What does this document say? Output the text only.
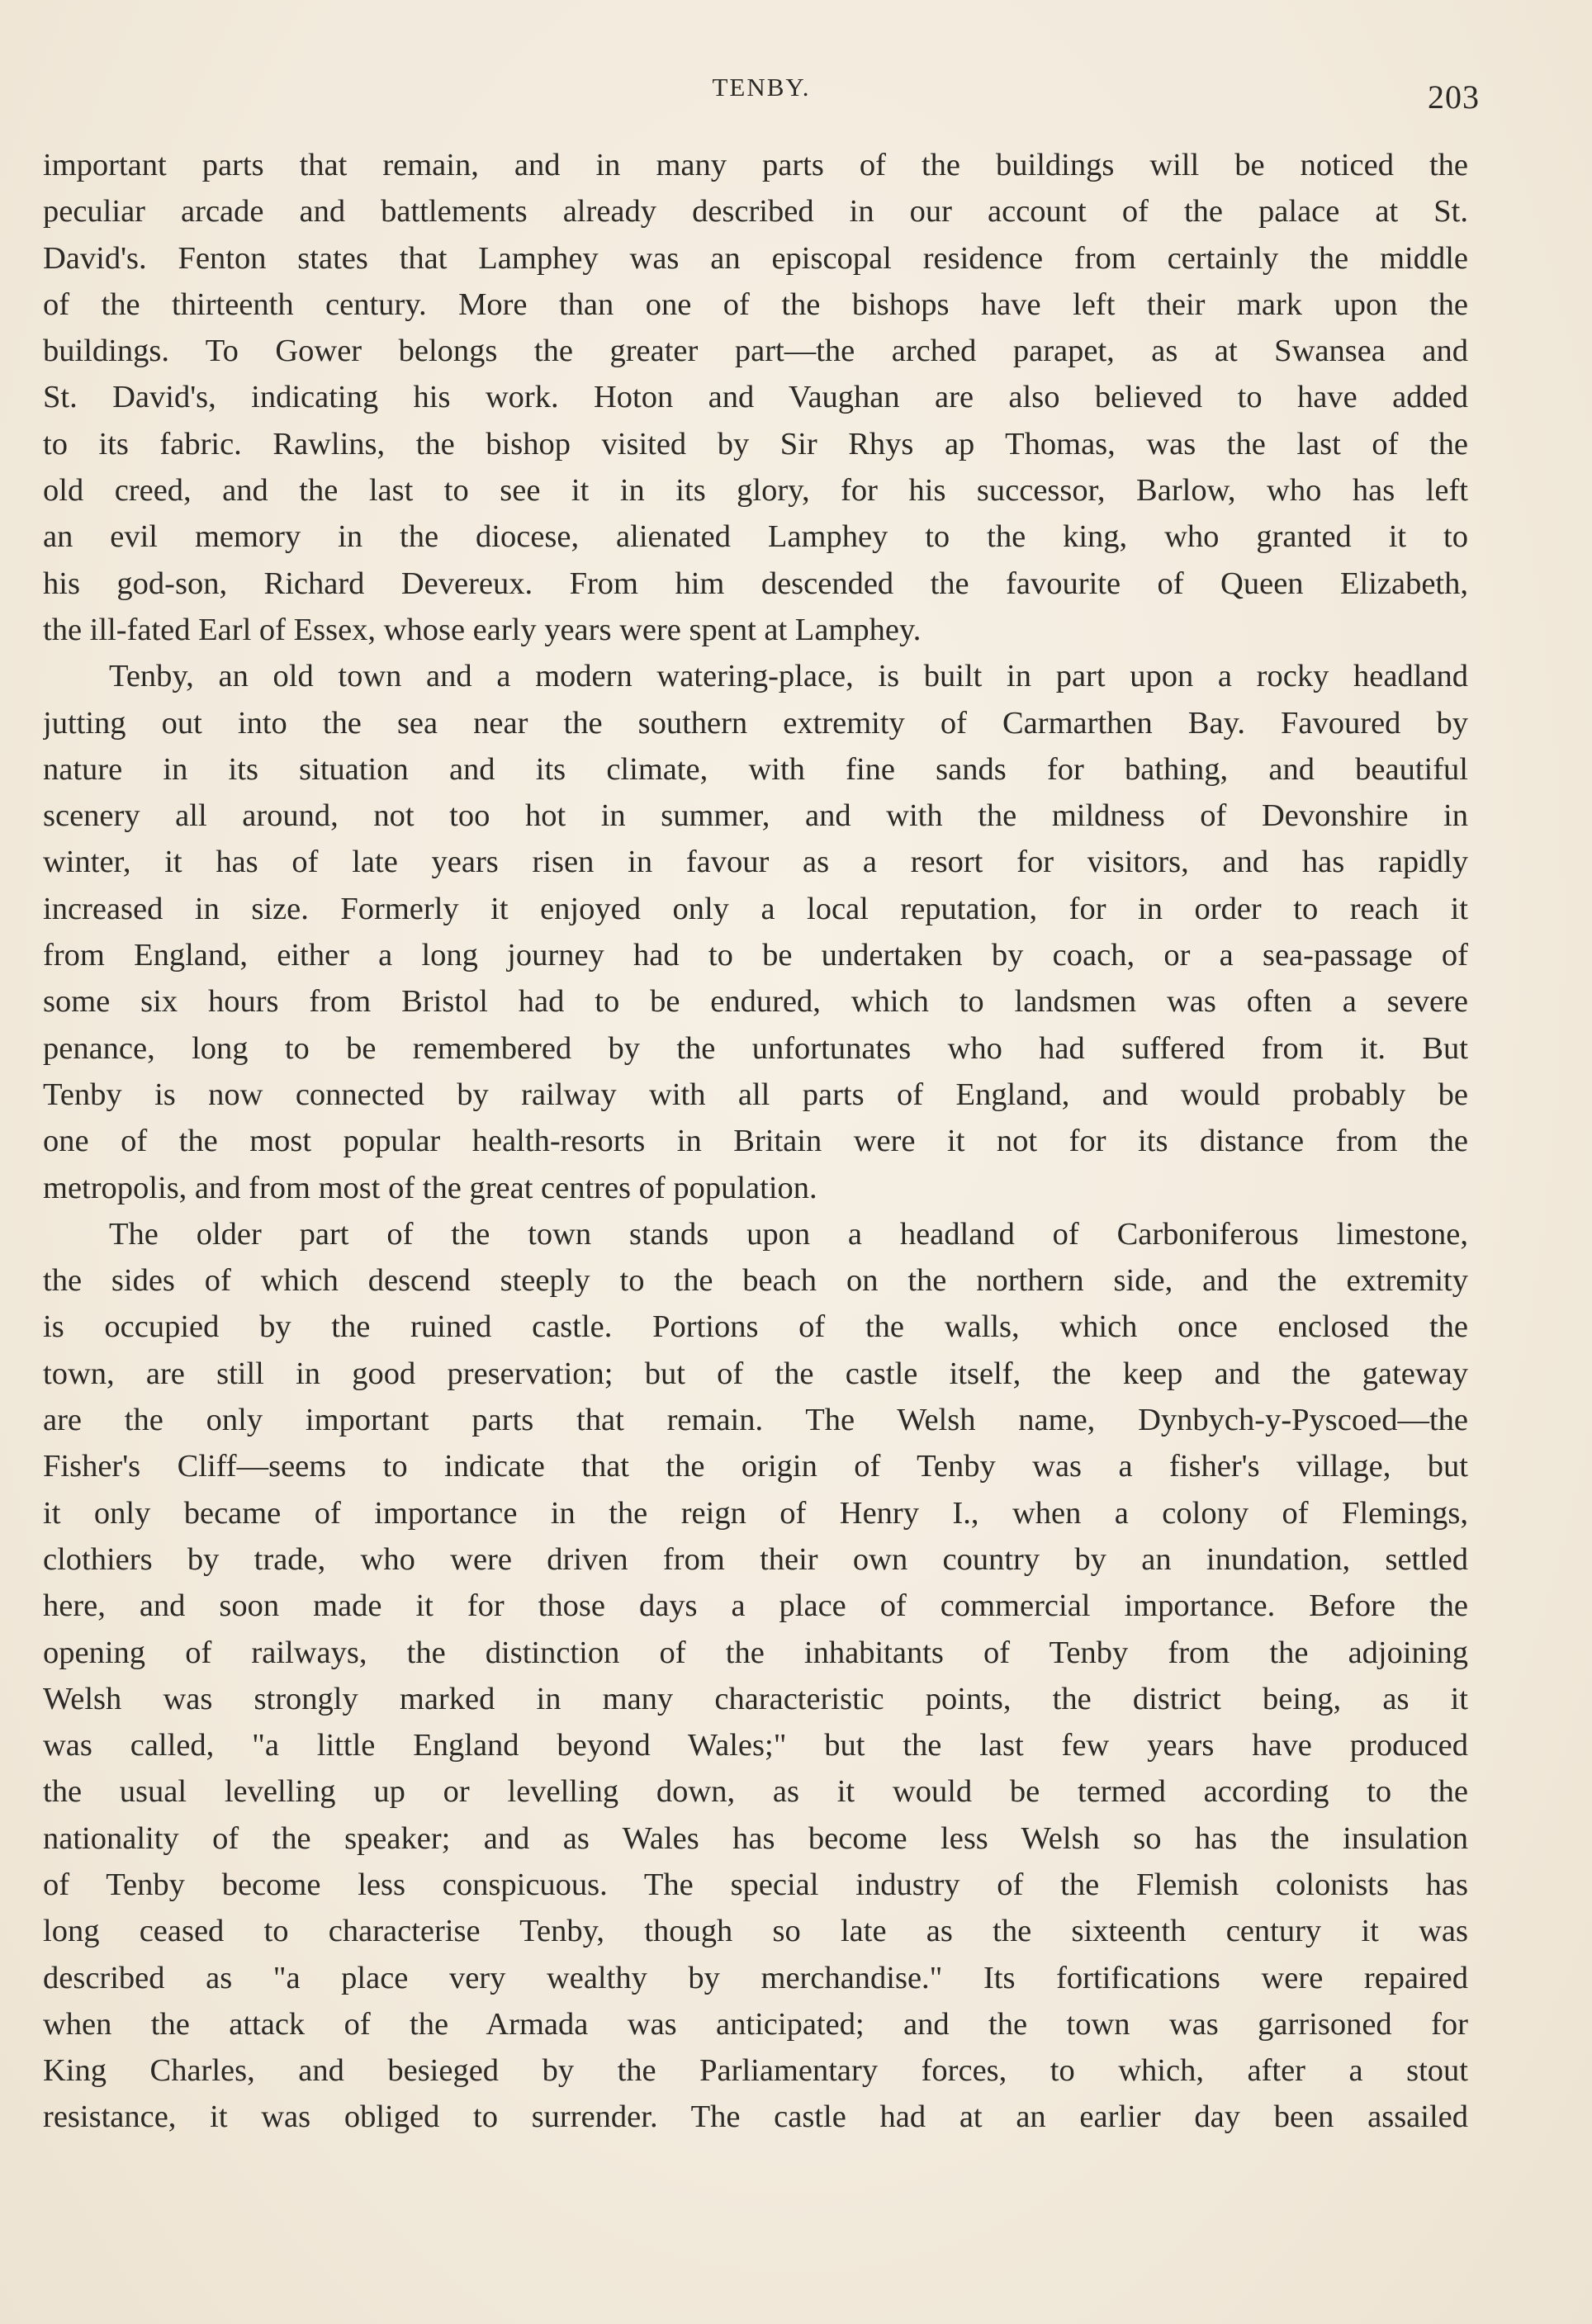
TENBY.	203
important parts that remain, and in many parts of the buildings will be noticed the
peculiar arcade and battlements already described in our account of the palace at St.
David's. Fenton states that Lamphey was an episcopal residence from certainly the middle
of the thirteenth century. More than one of the bishops have left their mark upon the
buildings. To Gower belongs the greater part—the arched parapet, as at Swansea and
St. David's, indicating his work. Hoton and Vaughan are also believed to have added
to its fabric. Rawlins, the bishop visited by Sir Rhys ap Thomas, was the last of the
old creed, and the last to see it in its glory, for his successor, Barlow, who has left
an evil memory in the diocese, alienated Lamphey to the king, who granted it to
his god-son, Richard Devereux. From him descended the favourite of Queen Elizabeth,
the ill-fated Earl of Essex, whose early years were spent at Lamphey.
Tenby, an old town and a modern watering-place, is built in part upon a rocky headland
jutting out into the sea near the southern extremity of Carmarthen Bay. Favoured by
nature in its situation and its climate, with fine sands for bathing, and beautiful
scenery all around, not too hot in summer, and with the mildness of Devonshire in
winter, it has of late years risen in favour as a resort for visitors, and has rapidly
increased in size. Formerly it enjoyed only a local reputation, for in order to reach it
from England, either a long journey had to be undertaken by coach, or a sea-passage of
some six hours from Bristol had to be endured, which to landsmen was often a severe
penance, long to be remembered by the unfortunates who had suffered from it. But
Tenby is now connected by railway with all parts of England, and would probably be
one of the most popular health-resorts in Britain were it not for its distance from the
metropolis, and from most of the great centres of population.
The older part of the town stands upon a headland of Carboniferous limestone,
the sides of which descend steeply to the beach on the northern side, and the extremity
is occupied by the ruined castle. Portions of the walls, which once enclosed the
town, are still in good preservation; but of the castle itself, the keep and the gateway
are the only important parts that remain. The Welsh name, Dynbych-y-Pyscoed—the
Fisher's Cliff—seems to indicate that the origin of Tenby was a fisher's village, but
it only became of importance in the reign of Henry I., when a colony of Flemings,
clothiers by trade, who were driven from their own country by an inundation, settled
here, and soon made it for those days a place of commercial importance. Before the
opening of railways, the distinction of the inhabitants of Tenby from the adjoining
Welsh was strongly marked in many characteristic points, the district being, as it
was called, "a little England beyond Wales;" but the last few years have produced
the usual levelling up or levelling down, as it would be termed according to the
nationality of the speaker; and as Wales has become less Welsh so has the insulation
of Tenby become less conspicuous. The special industry of the Flemish colonists has
long ceased to characterise Tenby, though so late as the sixteenth century it was
described as "a place very wealthy by merchandise." Its fortifications were repaired
when the attack of the Armada was anticipated; and the town was garrisoned for
King Charles, and besieged by the Parliamentary forces, to which, after a stout
resistance, it was obliged to surrender. The castle had at an earlier day been assailed
